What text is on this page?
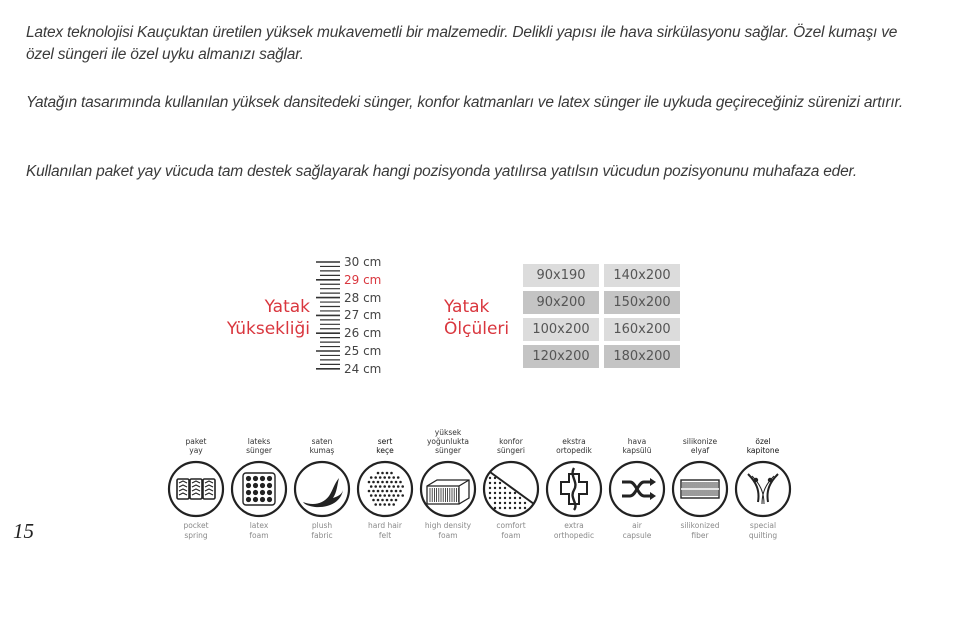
Latex teknolojisi Kauçuktan üretilen yüksek mukavemetli bir malzemedir. Delikli yapısı ile hava sirkülasyonu sağlar. Özel kumaşı ve özel süngeri ile özel uyku almanızı sağlar.

Yatağın tasarımında kullanılan yüksek dansitedeki sünger, konfor katmanları ve latex sünger ile uykuda geçireceğiniz sürenizi artırır.

Kullanılan paket yay vücuda tam destek sağlayarak hangi pozisyonda yatılırsa yatılsın vücudun pozisyonunu muhafaza eder.

Yatak
Yüksekliği
30 cm
29 cm
28 cm
27 cm
26 cm
25 cm
24 cm
Yatak
Ölçüleri
90x190	140x200
90x200	150x200
100x200	160x200
120x200	180x200
paket
yay
pocket
spring
lateks
sünger
latex
foam
saten
kumaş
plush
fabric
sert
keçe
hard hair
felt
yüksek
yoğunlukta
sünger
high density
foam
konfor
süngeri
comfort
foam
ekstra
ortopedik
extra
orthopedic
hava
kapsülü
air
capsule
silikonize
elyaf
silikonized
fiber
özel
kapitone
special
quilting
15
